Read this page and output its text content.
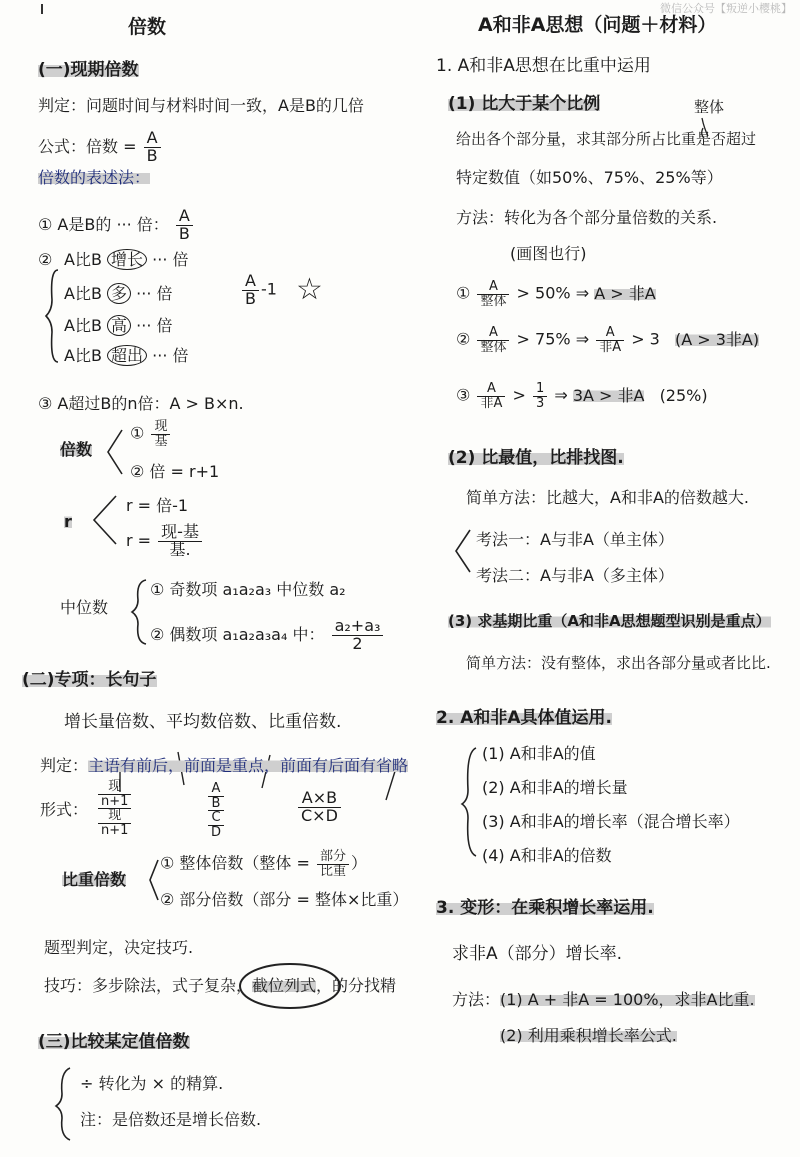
微信公众号【叛逆小樱桃】
倍数
(一)现期倍数
判定：问题时间与材料时间一致，A是B的几倍
公式：倍数 = $\frac{A}{B}$
倍数的表述法：
① A是B的 ··· 倍： $\frac{A}{B}$
② A比B 增长 ··· 倍
A比B 多 ··· 倍
A比B 高 ··· 倍
A比B 超出 ··· 倍
$\frac{A}{B} -1$ ☆
③ A超过B的n倍：A > B×n.
倍数
① $\frac{\text{现}}{\text{基}}$
② 倍 = r+1
r
r = 倍-1
$r = \frac{\text{现-基}}{\text{基.}}$
中位数
① 奇数项 a₁a₂a₃ 中位数 a₂
② 偶数项 a₁a₂a₃a₄ 中： $\frac{\text{a₂+a₃}}{2}$
(二)专项：长句子
增长量倍数、平均数倍数、比重倍数.
判定：主语有前后，前面是重点，前面有后面有省略
形式：
现
n+1
现
n+1
A
B
C
D
$\frac{A\times B}{C\times D}$
比重倍数
① 整体倍数（整体 = $\frac{\text{部分}}{\text{比重}}$ ）
② 部分倍数（部分 = 整体×比重）
题型判定，决定技巧.
技巧：多步除法，式子复杂，截位列式，的分找精
(三)比较某定值倍数
÷ 转化为 × 的精算.
注：是倍数还是增长倍数.
A和非A思想（问题＋材料）
1. A和非A思想在比重中运用
(1) 比大于某个比例	整体
给出各个部分量，求其部分所占比重是否超过
特定数值（如50%、75%、25%等）
方法：转化为各个部分量倍数的关系.
(画图也行)
① $\frac{A}{\text{整体}} > 50\%$ ⇒ A > 非A
② $\frac{A}{\text{整体}} > 75\%$ ⇒ $\frac{A}{\text{非A}} > 3$ (A > 3非A)
③ $\frac{A}{\text{非A}} > \frac{1}{3}$ ⇒ 3A > 非A (25%)
(2) 比最值，比排找图.
简单方法：比越大，A和非A的倍数越大.
考法一：A与非A（单主体）
考法二：A与非A（多主体）
(3) 求基期比重（A和非A思想题型识别是重点）
简单方法：没有整体，求出各部分量或者比比.
2. A和非A具体值运用.
(1) A和非A的值
(2) A和非A的增长量
(3) A和非A的增长率（混合增长率）
(4) A和非A的倍数
3. 变形：在乘积增长率运用.
求非A（部分）增长率.
方法： (1) A + 非A = 100%，求非A比重.
(2) 利用乘积增长率公式.
